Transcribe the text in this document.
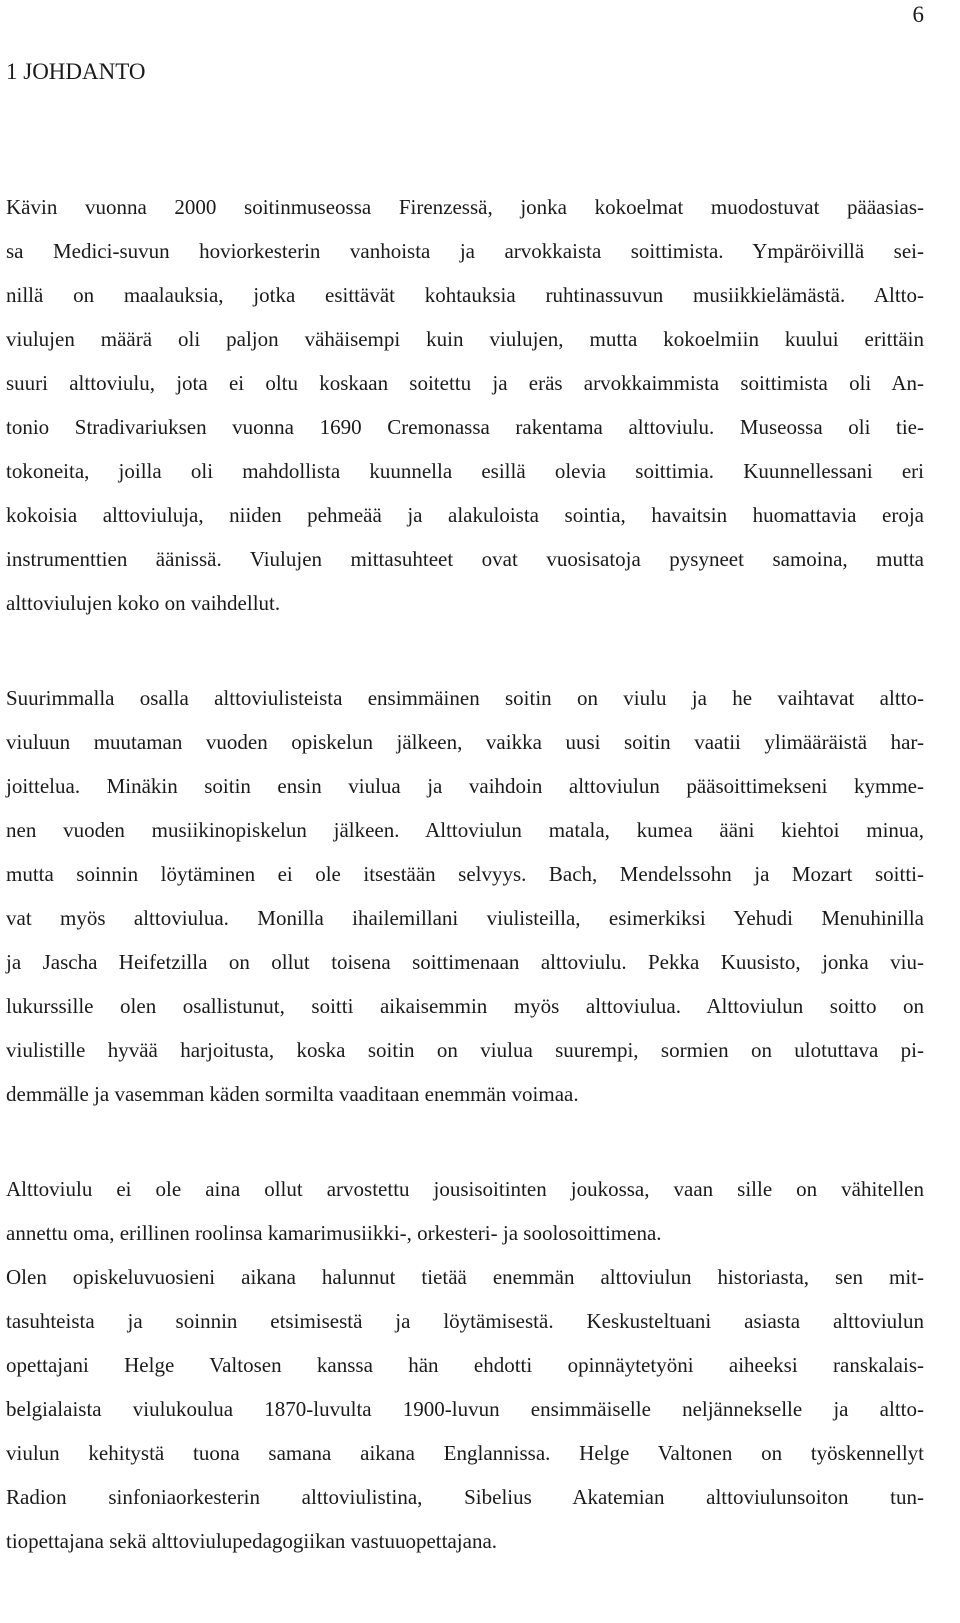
6
1 JOHDANTO
Kävin vuonna 2000 soitinmuseossa Firenzessä, jonka kokoelmat muodostuvat pääasias-
sa Medici-suvun hoviorkesterin vanhoista ja arvokkaista soittimista. Ympäröivillä sei-
nillä on maalauksia, jotka esittävät kohtauksia ruhtinassuvun musiikkielämästä. Altto-
viulujen määrä oli paljon vähäisempi kuin viulujen, mutta kokoelmiin kuului erittäin
suuri alttoviulu, jota ei oltu koskaan soitettu ja eräs arvokkaimmista soittimista oli An-
tonio Stradivariuksen vuonna 1690 Cremonassa rakentama alttoviulu. Museossa oli tie-
tokoneita, joilla oli mahdollista kuunnella esillä olevia soittimia. Kuunnellessani eri
kokoisia alttoviuluja, niiden pehmeää ja alakuloista sointia, havaitsin huomattavia eroja
instrumenttien äänissä. Viulujen mittasuhteet ovat vuosisatoja pysyneet samoina, mutta
alttoviulujen koko on vaihdellut.
Suurimmalla osalla alttoviulisteista ensimmäinen soitin on viulu ja he vaihtavat altto-
viuluun muutaman vuoden opiskelun jälkeen, vaikka uusi soitin vaatii ylimääräistä har-
joittelua. Minäkin soitin ensin viulua ja vaihdoin alttoviulun pääsoittimekseni kymme-
nen vuoden musiikinopiskelun jälkeen. Alttoviulun matala, kumea ääni kiehtoi minua,
mutta soinnin löytäminen ei ole itsestään selvyys. Bach, Mendelssohn ja Mozart soitti-
vat myös alttoviulua. Monilla ihailemillani viulisteilla, esimerkiksi Yehudi Menuhinilla
ja Jascha Heifetzilla on ollut toisena soittimenaan alttoviulu. Pekka Kuusisto, jonka viu-
lukurssille olen osallistunut, soitti aikaisemmin myös alttoviulua. Alttoviulun soitto on
viulistille hyvää harjoitusta, koska soitin on viulua suurempi, sormien on ulotuttava pi-
demmälle ja vasemman käden sormilta vaaditaan enemmän voimaa.
Alttoviulu ei ole aina ollut arvostettu jousisoitinten joukossa, vaan sille on vähitellen
annettu oma, erillinen roolinsa kamarimusiikki-, orkesteri- ja soolosoittimena.
Olen opiskeluvuosieni aikana halunnut tietää enemmän alttoviulun historiasta, sen mit-
tasuhteista ja soinnin etsimisestä ja löytämisestä. Keskusteltuani asiasta alttoviulun
opettajani Helge Valtosen kanssa hän ehdotti opinnäytetyöni aiheeksi ranskalais-
belgialaista viulukoulua 1870-luvulta 1900-luvun ensimmäiselle neljännekselle ja altto-
viulun kehitystä tuona samana aikana Englannissa. Helge Valtonen on työskennellyt
Radion sinfoniaorkesterin alttoviulistina, Sibelius Akatemian alttoviulunsoiton tun-
tiopettajana sekä alttoviulupedagogiikan vastuuopettajana.
